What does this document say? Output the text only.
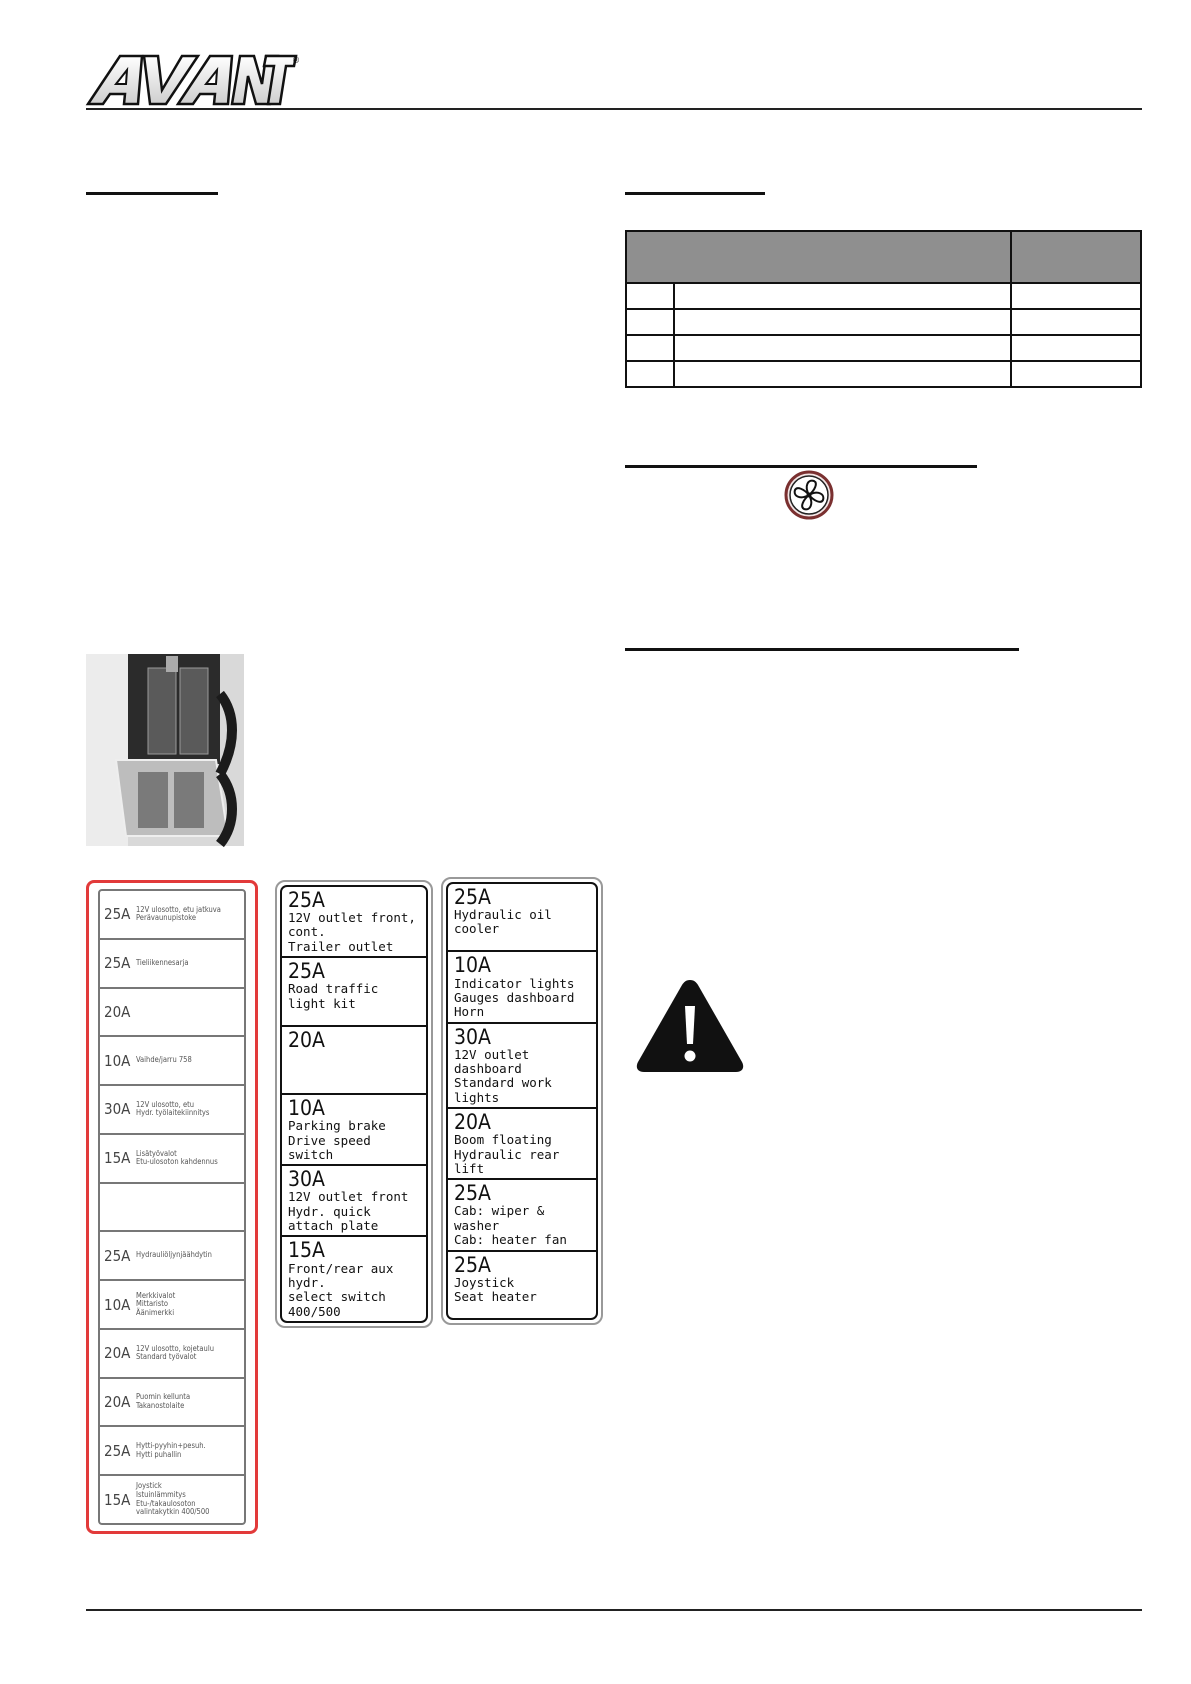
®

25A 12V ulosotto, etu jatkuva
Perävaunupistoke
25A Tieliikennesarja
20A
10A Vaihde/jarru 758
30A 12V ulosotto, etu
Hydr. työlaitekiinnitys
15A Lisätyövalot
Etu-ulosoton kahdennus
25A Hydrauliöljynjäähdytin
10A
Merkkivalot
Mittaristo
Äänimerkki
20A 12V ulosotto, kojetaulu
Standard työvalot
20A Puomin kellunta
Takanostolaite
25A Hytti-pyyhin+pesuh.
Hytti puhallin
15A
Joystick
Istuinlämmitys
Etu-/takaulosoton
valintakytkin 400/500
25A
12V outlet front, cont.
Trailer outlet
25A
Road traffic light kit
20A
10A
Parking brake
Drive speed switch
30A
12V outlet front
Hydr. quick attach plate
15A
Front/rear aux hydr.
select switch 400/500
25A
Hydraulic oil cooler
10A
Indicator lights
Gauges dashboard
Horn
30A
12V outlet dashboard
Standard work lights
20A
Boom floating
Hydraulic rear lift
25A
Cab: wiper & washer
Cab: heater fan
25A
Joystick
Seat heater
